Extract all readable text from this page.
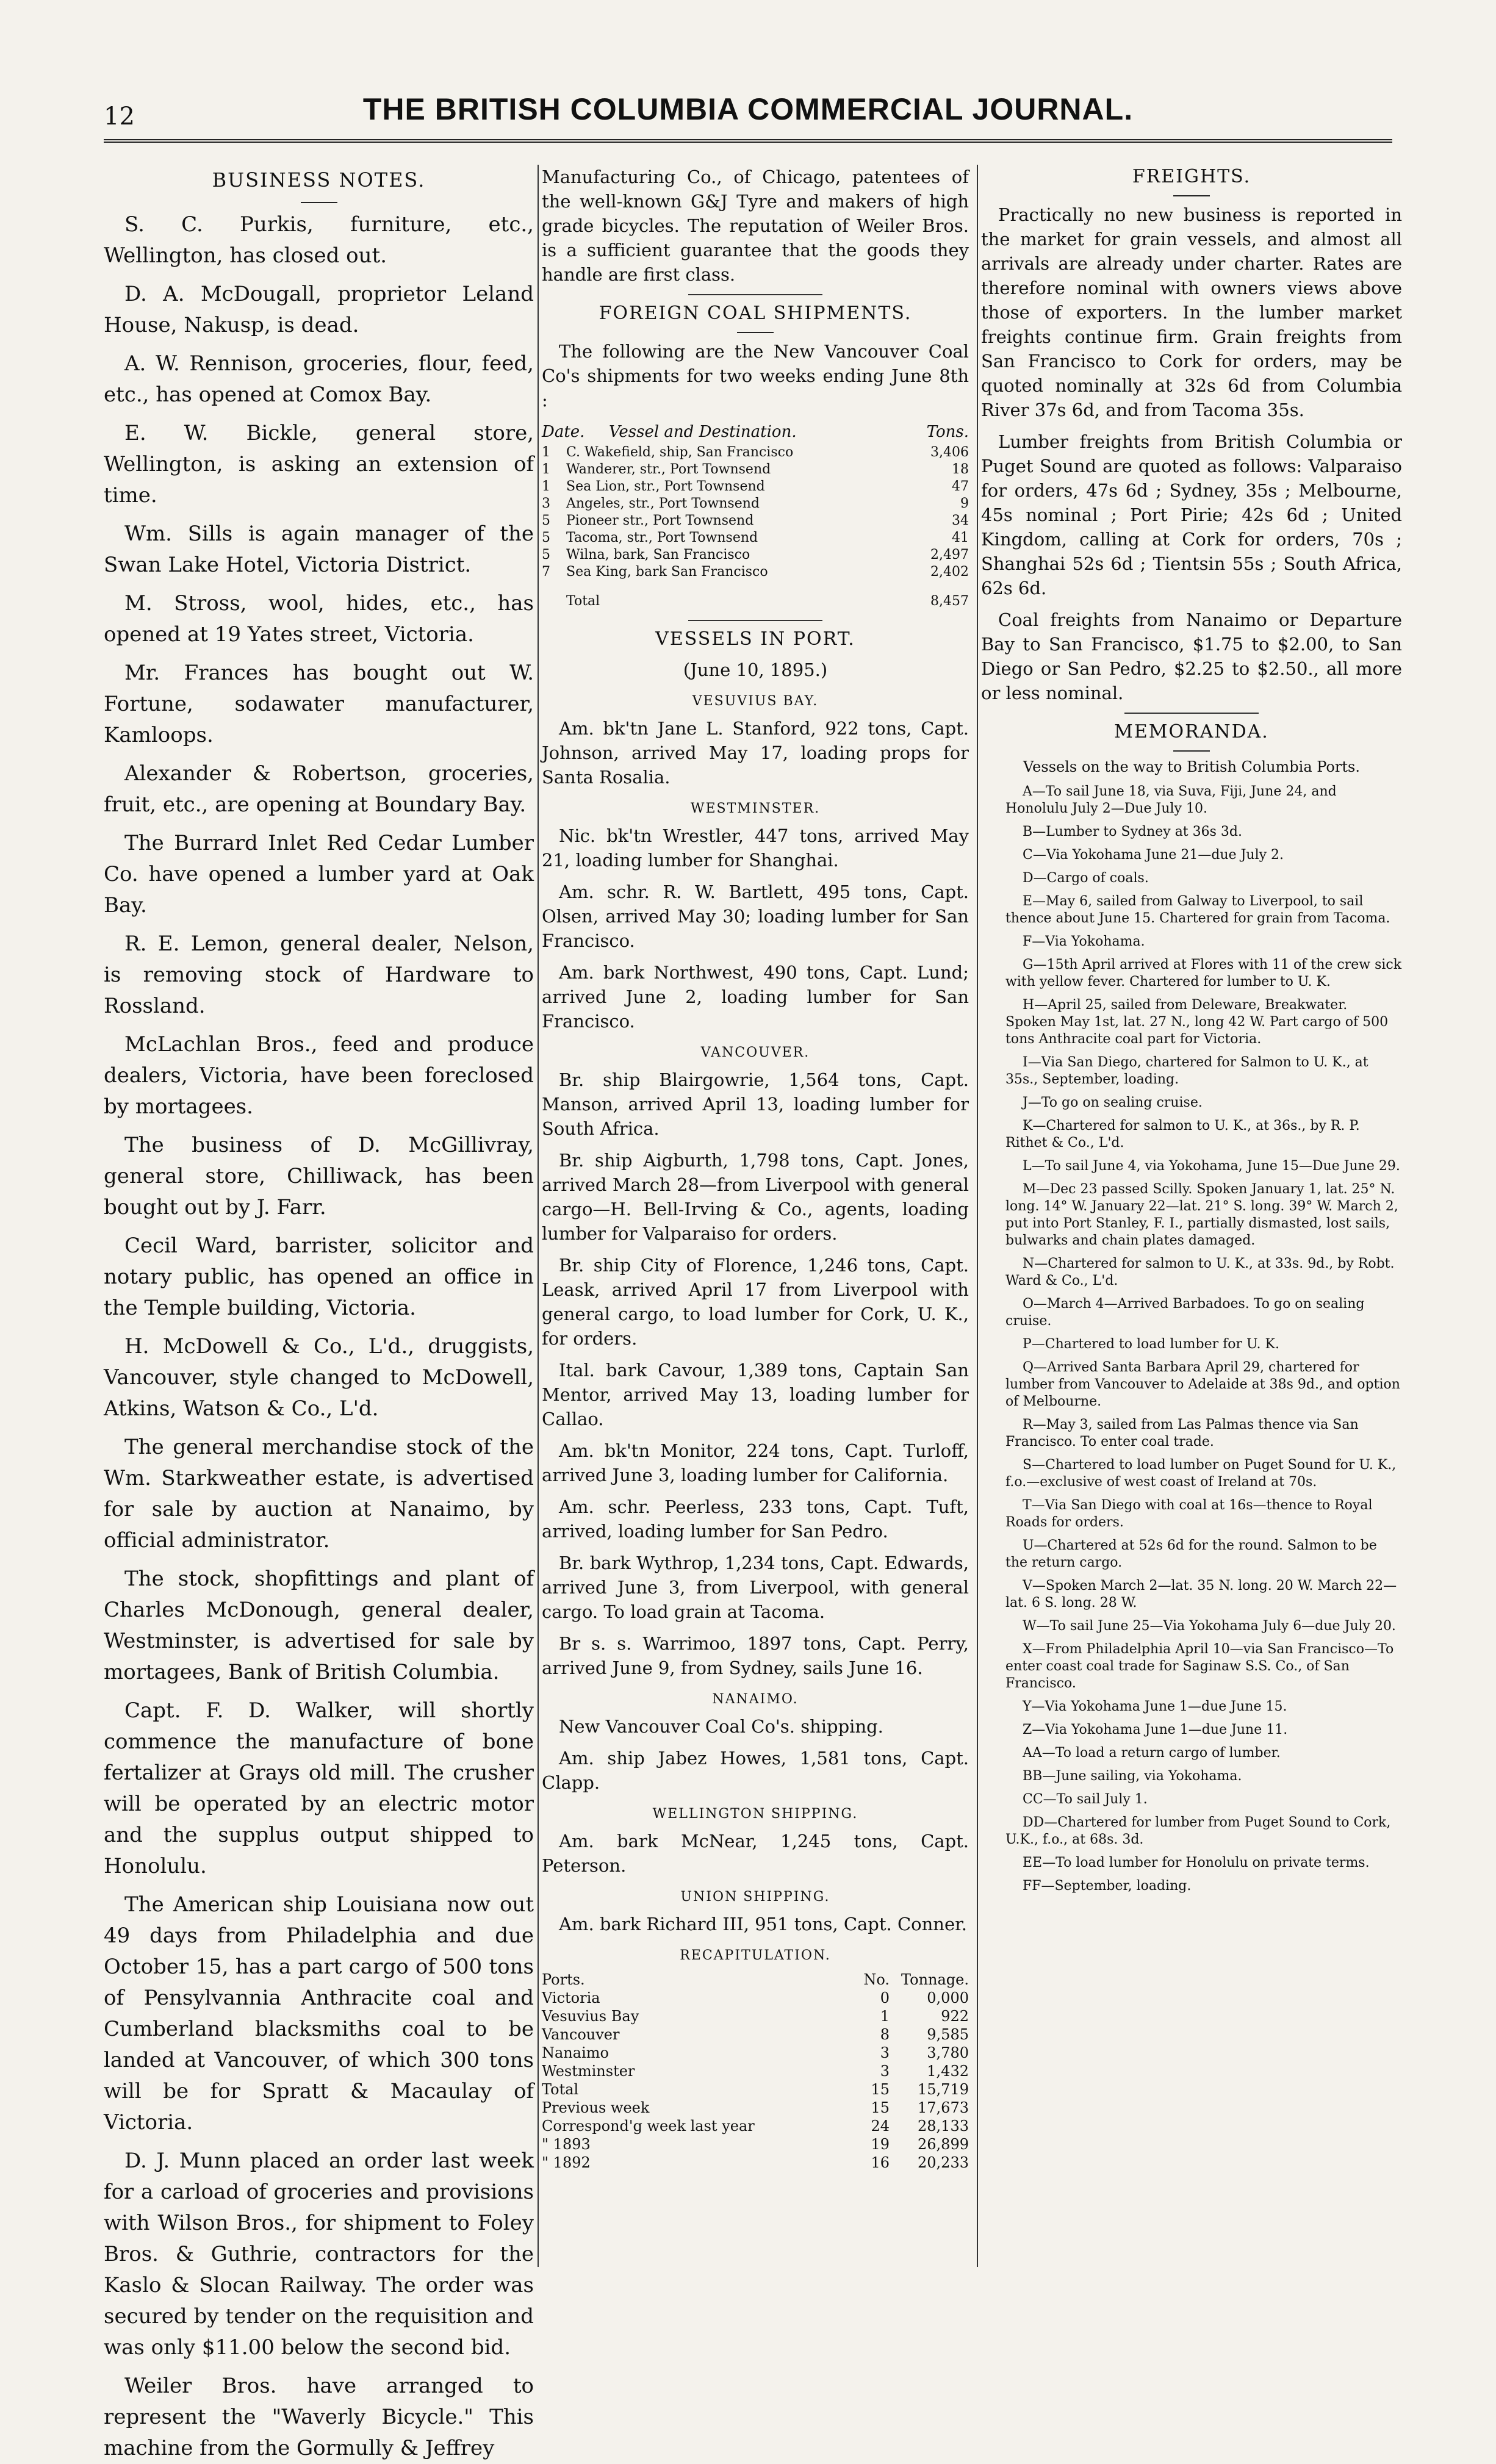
12	THE BRITISH COLUMBIA COMMERCIAL JOURNAL.
BUSINESS NOTES.

S. C. Purkis, furniture, etc., Wellington, has closed out.

D. A. McDougall, proprietor Leland House, Nakusp, is dead.

A. W. Rennison, groceries, flour, feed, etc., has opened at Comox Bay.

E. W. Bickle, general store, Wellington, is asking an extension of time.

Wm. Sills is again manager of the Swan Lake Hotel, Victoria District.

M. Stross, wool, hides, etc., has opened at 19 Yates street, Victoria.

Mr. Frances has bought out W. Fortune, sodawater manufacturer, Kamloops.

Alexander & Robertson, groceries, fruit, etc., are opening at Boundary Bay.

The Burrard Inlet Red Cedar Lumber Co. have opened a lumber yard at Oak Bay.

R. E. Lemon, general dealer, Nelson, is removing stock of Hardware to Rossland.

McLachlan Bros., feed and produce dealers, Victoria, have been foreclosed by mortagees.

The business of D. McGillivray, general store, Chilliwack, has been bought out by J. Farr.

Cecil Ward, barrister, solicitor and notary public, has opened an office in the Temple building, Victoria.

H. McDowell & Co., L'd., druggists, Vancouver, style changed to McDowell, Atkins, Watson & Co., L'd.

The general merchandise stock of the Wm. Starkweather estate, is advertised for sale by auction at Nanaimo, by official administrator.

The stock, shopfittings and plant of Charles McDonough, general dealer, Westminster, is advertised for sale by mortagees, Bank of British Columbia.

Capt. F. D. Walker, will shortly commence the manufacture of bone fertalizer at Grays old mill. The crusher will be operated by an electric motor and the supplus output shipped to Honolulu.

The American ship Louisiana now out 49 days from Philadelphia and due October 15, has a part cargo of 500 tons of Pensylvannia Anthracite coal and Cumberland blacksmiths coal to be landed at Vancouver, of which 300 tons will be for Spratt & Macaulay of Victoria.

D. J. Munn placed an order last week for a carload of groceries and provisions with Wilson Bros., for shipment to Foley Bros. & Guthrie, contractors for the Kaslo & Slocan Railway. The order was secured by tender on the requisition and was only $11.00 below the second bid.

Weiler Bros. have arranged to represent the "Waverly Bicycle." This machine from the Gormully & Jeffrey

Manufacturing Co., of Chicago, patentees of the well-known G&J Tyre and makers of high grade bicycles. The reputation of Weiler Bros. is a sufficient guarantee that the goods they handle are first class.

FOREIGN COAL SHIPMENTS.

The following are the New Vancouver Coal Co's shipments for two weeks ending June 8th :

Date.	Vessel and Destination.	Tons.
1	C. Wakefield, ship, San Francisco	3,406
1	Wanderer, str., Port Townsend	18
1	Sea Lion, str., Port Townsend	47
3	Angeles, str., Port Townsend	9
5	Pioneer str., Port Townsend	34
5	Tacoma, str., Port Townsend	41
5	Wilna, bark, San Francisco	2,497
7	Sea King, bark San Francisco	2,402
Total	8,457
VESSELS IN PORT.

(June 10, 1895.)

VESUVIUS BAY.

Am. bk'tn Jane L. Stanford, 922 tons, Capt. Johnson, arrived May 17, loading props for Santa Rosalia.

WESTMINSTER.

Nic. bk'tn Wrestler, 447 tons, arrived May 21, loading lumber for Shanghai.

Am. schr. R. W. Bartlett, 495 tons, Capt. Olsen, arrived May 30; loading lumber for San Francisco.

Am. bark Northwest, 490 tons, Capt. Lund; arrived June 2, loading lumber for San Francisco.

VANCOUVER.

Br. ship Blairgowrie, 1,564 tons, Capt. Manson, arrived April 13, loading lumber for South Africa.

Br. ship Aigburth, 1,798 tons, Capt. Jones, arrived March 28—from Liverpool with general cargo—H. Bell-Irving & Co., agents, loading lumber for Valparaiso for orders.

Br. ship City of Florence, 1,246 tons, Capt. Leask, arrived April 17 from Liverpool with general cargo, to load lumber for Cork, U. K., for orders.

Ital. bark Cavour, 1,389 tons, Captain San Mentor, arrived May 13, loading lumber for Callao.

Am. bk'tn Monitor, 224 tons, Capt. Turloff, arrived June 3, loading lumber for California.

Am. schr. Peerless, 233 tons, Capt. Tuft, arrived, loading lumber for San Pedro.

Br. bark Wythrop, 1,234 tons, Capt. Edwards, arrived June 3, from Liverpool, with general cargo. To load grain at Tacoma.

Br s. s. Warrimoo, 1897 tons, Capt. Perry, arrived June 9, from Sydney, sails June 16.

NANAIMO.

New Vancouver Coal Co's. shipping.

Am. ship Jabez Howes, 1,581 tons, Capt. Clapp.

WELLINGTON SHIPPING.

Am. bark McNear, 1,245 tons, Capt. Peterson.

UNION SHIPPING.

Am. bark Richard III, 951 tons, Capt. Conner.

RECAPITULATION.
Ports.	No.	Tonnage.
Victoria	0	0,000
Vesuvius Bay	1	922
Vancouver	8	9,585
Nanaimo	3	3,780
Westminster	3	1,432
Total	15	15,719
Previous week	15	17,673
Correspond'g week last year	24	28,133
" 1893	19	26,899
" 1892	16	20,233
FREIGHTS.

Practically no new business is reported in the market for grain vessels, and almost all arrivals are already under charter. Rates are therefore nominal with owners views above those of exporters. In the lumber market freights continue firm. Grain freights from San Francisco to Cork for orders, may be quoted nominally at 32s 6d from Columbia River 37s 6d, and from Tacoma 35s.

Lumber freights from British Columbia or Puget Sound are quoted as follows: Valparaiso for orders, 47s 6d ; Sydney, 35s ; Melbourne, 45s nominal ; Port Pirie; 42s 6d ; United Kingdom, calling at Cork for orders, 70s ; Shanghai 52s 6d ; Tientsin 55s ; South Africa, 62s 6d.

Coal freights from Nanaimo or Departure Bay to San Francisco, $1.75 to $2.00, to San Diego or San Pedro, $2.25 to $2.50., all more or less nominal.

MEMORANDA.

Vessels on the way to British Columbia Ports.

A—To sail June 18, via Suva, Fiji, June 24, and Honolulu July 2—Due July 10.

B—Lumber to Sydney at 36s 3d.

C—Via Yokohama June 21—due July 2.

D—Cargo of coals.

E—May 6, sailed from Galway to Liverpool, to sail thence about June 15. Chartered for grain from Tacoma.

F—Via Yokohama.

G—15th April arrived at Flores with 11 of the crew sick with yellow fever. Chartered for lumber to U. K.

H—April 25, sailed from Deleware, Breakwater. Spoken May 1st, lat. 27 N., long 42 W. Part cargo of 500 tons Anthracite coal part for Victoria.

I—Via San Diego, chartered for Salmon to U. K., at 35s., September, loading.

J—To go on sealing cruise.

K—Chartered for salmon to U. K., at 36s., by R. P. Rithet & Co., L'd.

L—To sail June 4, via Yokohama, June 15—Due June 29.

M—Dec 23 passed Scilly. Spoken January 1, lat. 25° N. long. 14° W. January 22—lat. 21° S. long. 39° W. March 2, put into Port Stanley, F. I., partially dismasted, lost sails, bulwarks and chain plates damaged.

N—Chartered for salmon to U. K., at 33s. 9d., by Robt. Ward & Co., L'd.

O—March 4—Arrived Barbadoes. To go on sealing cruise.

P—Chartered to load lumber for U. K.

Q—Arrived Santa Barbara April 29, chartered for lumber from Vancouver to Adelaide at 38s 9d., and option of Melbourne.

R—May 3, sailed from Las Palmas thence via San Francisco. To enter coal trade.

S—Chartered to load lumber on Puget Sound for U. K., f.o.—exclusive of west coast of Ireland at 70s.

T—Via San Diego with coal at 16s—thence to Royal Roads for orders.

U—Chartered at 52s 6d for the round. Salmon to be the return cargo.

V—Spoken March 2—lat. 35 N. long. 20 W. March 22—lat. 6 S. long. 28 W.

W—To sail June 25—Via Yokohama July 6—due July 20.

X—From Philadelphia April 10—via San Francisco—To enter coast coal trade for Saginaw S.S. Co., of San Francisco.

Y—Via Yokohama June 1—due June 15.

Z—Via Yokohama June 1—due June 11.

AA—To load a return cargo of lumber.

BB—June sailing, via Yokohama.

CC—To sail July 1.

DD—Chartered for lumber from Puget Sound to Cork, U.K., f.o., at 68s. 3d.

EE—To load lumber for Honolulu on private terms.

FF—September, loading.
